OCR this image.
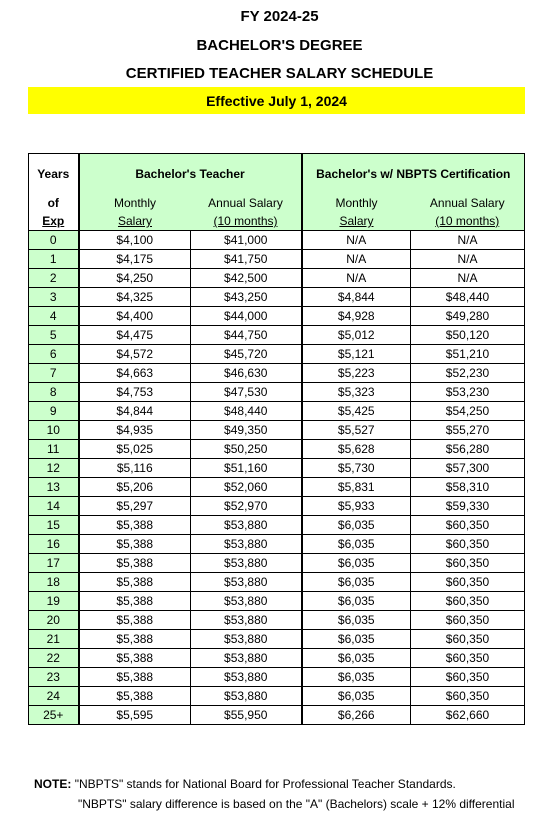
FY 2024-25
BACHELOR'S DEGREE
CERTIFIED TEACHER SALARY SCHEDULE
Effective July 1, 2024
Years	Bachelor's Teacher		Bachelor's w/ NBPTS Certification	
of	Monthly	Annual Salary	Monthly	Annual Salary
Exp	Salary	(10 months)	Salary	(10 months)
0	$4,100	$41,000	N/A	N/A
1	$4,175	$41,750	N/A	N/A
2	$4,250	$42,500	N/A	N/A
3	$4,325	$43,250	$4,844	$48,440
4	$4,400	$44,000	$4,928	$49,280
5	$4,475	$44,750	$5,012	$50,120
6	$4,572	$45,720	$5,121	$51,210
7	$4,663	$46,630	$5,223	$52,230
8	$4,753	$47,530	$5,323	$53,230
9	$4,844	$48,440	$5,425	$54,250
10	$4,935	$49,350	$5,527	$55,270
11	$5,025	$50,250	$5,628	$56,280
12	$5,116	$51,160	$5,730	$57,300
13	$5,206	$52,060	$5,831	$58,310
14	$5,297	$52,970	$5,933	$59,330
15	$5,388	$53,880	$6,035	$60,350
16	$5,388	$53,880	$6,035	$60,350
17	$5,388	$53,880	$6,035	$60,350
18	$5,388	$53,880	$6,035	$60,350
19	$5,388	$53,880	$6,035	$60,350
20	$5,388	$53,880	$6,035	$60,350
21	$5,388	$53,880	$6,035	$60,350
22	$5,388	$53,880	$6,035	$60,350
23	$5,388	$53,880	$6,035	$60,350
24	$5,388	$53,880	$6,035	$60,350
25+	$5,595	$55,950	$6,266	$62,660
NOTE: "NBPTS" stands for National Board for Professional Teacher Standards.
"NBPTS" salary difference is based on the "A" (Bachelors) scale + 12% differential
